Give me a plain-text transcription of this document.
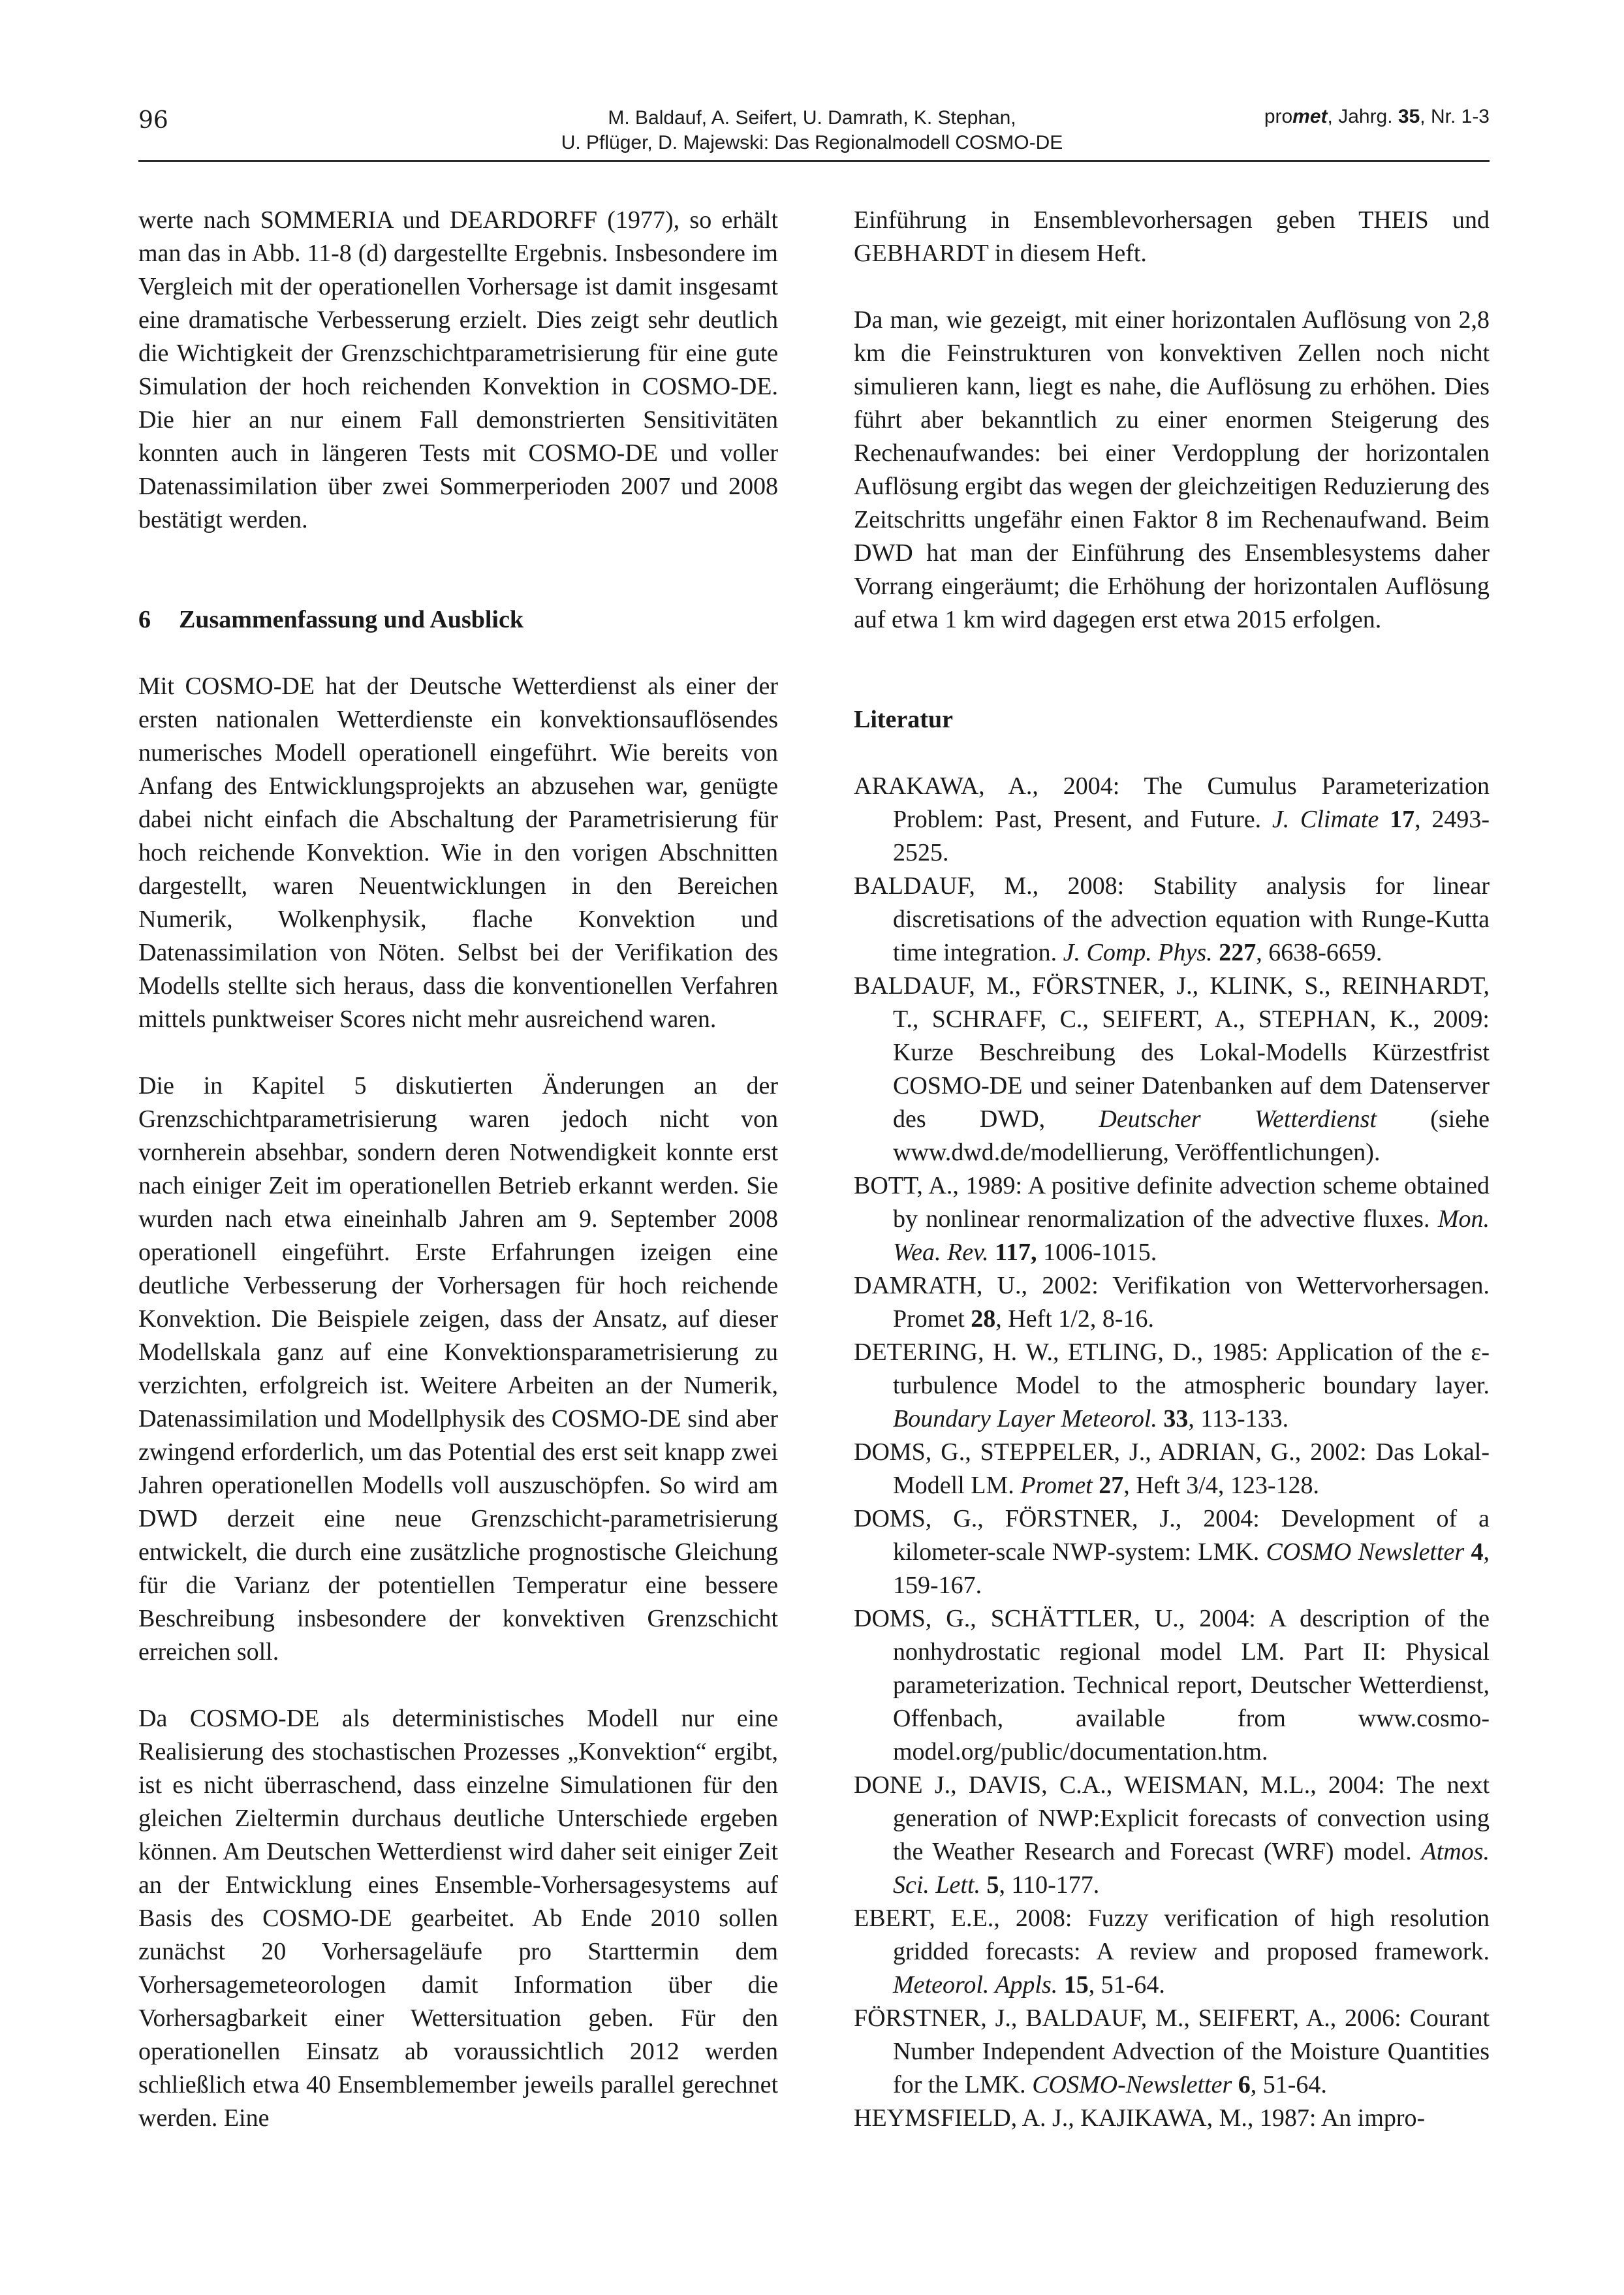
96	M. Baldauf, A. Seifert, U. Damrath, K. Stephan,
U. Pflüger, D. Majewski: Das Regionalmodell COSMO-DE
promet, Jahrg. 35, Nr. 1-3

werte nach SOMMERIA und DEARDORFF (1977), so erhält man das in Abb. 11-8 (d) dargestellte Ergebnis. Insbesondere im Vergleich mit der operationellen Vorhersage ist damit insgesamt eine dramatische Verbesserung erzielt. Dies zeigt sehr deutlich die Wichtigkeit der Grenzschichtparametrisierung für eine gute Simulation der hoch reichenden Konvektion in COSMO-DE. Die hier an nur einem Fall demonstrierten Sensitivitäten konnten auch in längeren Tests mit COSMO-DE und voller Datenassimilation über zwei Sommerperioden 2007 und 2008 bestätigt werden.

6 Zusammenfassung und Ausblick

Mit COSMO-DE hat der Deutsche Wetterdienst als einer der ersten nationalen Wetterdienste ein konvektionsauflösendes numerisches Modell operationell eingeführt. Wie bereits von Anfang des Entwicklungsprojekts an abzusehen war, genügte dabei nicht einfach die Abschaltung der Parametrisierung für hoch reichende Konvektion. Wie in den vorigen Abschnitten dargestellt, waren Neuentwicklungen in den Bereichen Numerik, Wolkenphysik, flache Konvektion und Datenassimilation von Nöten. Selbst bei der Verifikation des Modells stellte sich heraus, dass die konventionellen Verfahren mittels punktweiser Scores nicht mehr ausreichend waren.

Die in Kapitel 5 diskutierten Änderungen an der Grenzschichtparametrisierung waren jedoch nicht von vornherein absehbar, sondern deren Notwendigkeit konnte erst nach einiger Zeit im operationellen Betrieb erkannt werden. Sie wurden nach etwa eineinhalb Jahren am 9. September 2008 operationell eingeführt. Erste Erfahrungen izeigen eine deutliche Verbesserung der Vorhersagen für hoch reichende Konvektion. Die Beispiele zeigen, dass der Ansatz, auf dieser Modellskala ganz auf eine Konvektionsparametrisierung zu verzichten, erfolgreich ist. Weitere Arbeiten an der Numerik, Datenassimilation und Modellphysik des COSMO-DE sind aber zwingend erforderlich, um das Potential des erst seit knapp zwei Jahren operationellen Modells voll auszuschöpfen. So wird am DWD derzeit eine neue Grenzschicht-parametrisierung entwickelt, die durch eine zusätzliche prognostische Gleichung für die Varianz der potentiellen Temperatur eine bessere Beschreibung insbesondere der konvektiven Grenzschicht erreichen soll.

Da COSMO-DE als deterministisches Modell nur eine Realisierung des stochastischen Prozesses „Konvektion“ ergibt, ist es nicht überraschend, dass einzelne Simulationen für den gleichen Zieltermin durchaus deutliche Unterschiede ergeben können. Am Deutschen Wetterdienst wird daher seit einiger Zeit an der Entwicklung eines Ensemble-Vorhersagesystems auf Basis des COSMO-DE gearbeitet. Ab Ende 2010 sollen zunächst 20 Vorhersageläufe pro Starttermin dem Vorhersagemeteorologen damit Information über die Vorhersagbarkeit einer Wettersituation geben. Für den operationellen Einsatz ab voraussichtlich 2012 werden schließlich etwa 40 Ensemblemember jeweils parallel gerechnet werden. Eine

Einführung in Ensemblevorhersagen geben THEIS und GEBHARDT in diesem Heft.

Da man, wie gezeigt, mit einer horizontalen Auflösung von 2,8 km die Feinstrukturen von konvektiven Zellen noch nicht simulieren kann, liegt es nahe, die Auflösung zu erhöhen. Dies führt aber bekanntlich zu einer enormen Steigerung des Rechenaufwandes: bei einer Verdopplung der horizontalen Auflösung ergibt das wegen der gleichzeitigen Reduzierung des Zeitschritts ungefähr einen Faktor 8 im Rechenaufwand. Beim DWD hat man der Einführung des Ensemblesystems daher Vorrang eingeräumt; die Erhöhung der horizontalen Auflösung auf etwa 1 km wird dagegen erst etwa 2015 erfolgen.

Literatur

ARAKAWA, A., 2004: The Cumulus Parameterization Problem: Past, Present, and Future. J. Climate 17, 2493-2525.

BALDAUF, M., 2008: Stability analysis for linear discretisations of the advection equation with Runge-Kutta time integration. J. Comp. Phys. 227, 6638-6659.

BALDAUF, M., FÖRSTNER, J., KLINK, S., REINHARDT, T., SCHRAFF, C., SEIFERT, A., STEPHAN, K., 2009: Kurze Beschreibung des Lokal-Modells Kürzestfrist COSMO-DE und seiner Datenbanken auf dem Datenserver des DWD, Deutscher Wetterdienst (siehe www.dwd.de/modellierung, Veröffentlichungen).

BOTT, A., 1989: A positive definite advection scheme obtained by nonlinear renormalization of the advective fluxes. Mon. Wea. Rev. 117, 1006-1015.

DAMRATH, U., 2002: Verifikation von Wettervorhersagen. Promet 28, Heft 1/2, 8-16.

DETERING, H. W., ETLING, D., 1985: Application of the ε-turbulence Model to the atmospheric boundary layer. Boundary Layer Meteorol. 33, 113-133.

DOMS, G., STEPPELER, J., ADRIAN, G., 2002: Das Lokal-Modell LM. Promet 27, Heft 3/4, 123-128.

DOMS, G., FÖRSTNER, J., 2004: Development of a kilometer-scale NWP-system: LMK. COSMO Newsletter 4, 159-167.

DOMS, G., SCHÄTTLER, U., 2004: A description of the nonhydrostatic regional model LM. Part II: Physical parameterization. Technical report, Deutscher Wetterdienst, Offenbach, available from www.cosmo-model.org/public/documentation.htm.

DONE J., DAVIS, C.A., WEISMAN, M.L., 2004: The next generation of NWP:Explicit forecasts of convection using the Weather Research and Forecast (WRF) model. Atmos. Sci. Lett. 5, 110-177.

EBERT, E.E., 2008: Fuzzy verification of high resolution gridded forecasts: A review and proposed framework. Meteorol. Appls. 15, 51-64.

FÖRSTNER, J., BALDAUF, M., SEIFERT, A., 2006: Courant Number Independent Advection of the Moisture Quantities for the LMK. COSMO-Newsletter 6, 51-64.

HEYMSFIELD, A. J., KAJIKAWA, M., 1987: An impro-
